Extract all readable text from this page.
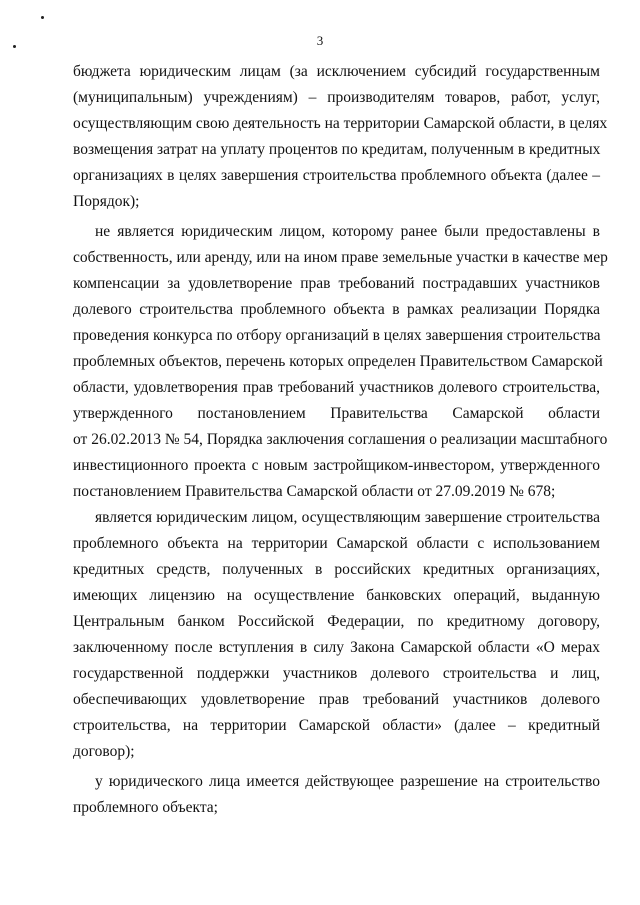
3
бюджета юридическим лицам (за исключением субсидий государственным
(муниципальным) учреждениям) – производителям товаров, работ, услуг,
осуществляющим свою деятельность на территории Самарской области, в целях
возмещения затрат на уплату процентов по кредитам, полученным в кредитных
организациях в целях завершения строительства проблемного объекта (далее –
Порядок);
не является юридическим лицом, которому ранее были предоставлены в
собственность, или аренду, или на ином праве земельные участки в качестве мер
компенсации за удовлетворение прав требований пострадавших участников
долевого строительства проблемного объекта в рамках реализации Порядка
проведения конкурса по отбору организаций в целях завершения строительства
проблемных объектов, перечень которых определен Правительством Самарской
области, удовлетворения прав требований участников долевого строительства,
утвержденного постановлением Правительства Самарской области
от 26.02.2013 № 54, Порядка заключения соглашения о реализации масштабного
инвестиционного проекта с новым застройщиком-инвестором, утвержденного
постановлением Правительства Самарской области от 27.09.2019 № 678;
является юридическим лицом, осуществляющим завершение строительства
проблемного объекта на территории Самарской области с использованием
кредитных средств, полученных в российских кредитных организациях,
имеющих лицензию на осуществление банковских операций, выданную
Центральным банком Российской Федерации, по кредитному договору,
заключенному после вступления в силу Закона Самарской области «О мерах
государственной поддержки участников долевого строительства и лиц,
обеспечивающих удовлетворение прав требований участников долевого
строительства, на территории Самарской области» (далее – кредитный
договор);
у юридического лица имеется действующее разрешение на строительство
проблемного объекта;
